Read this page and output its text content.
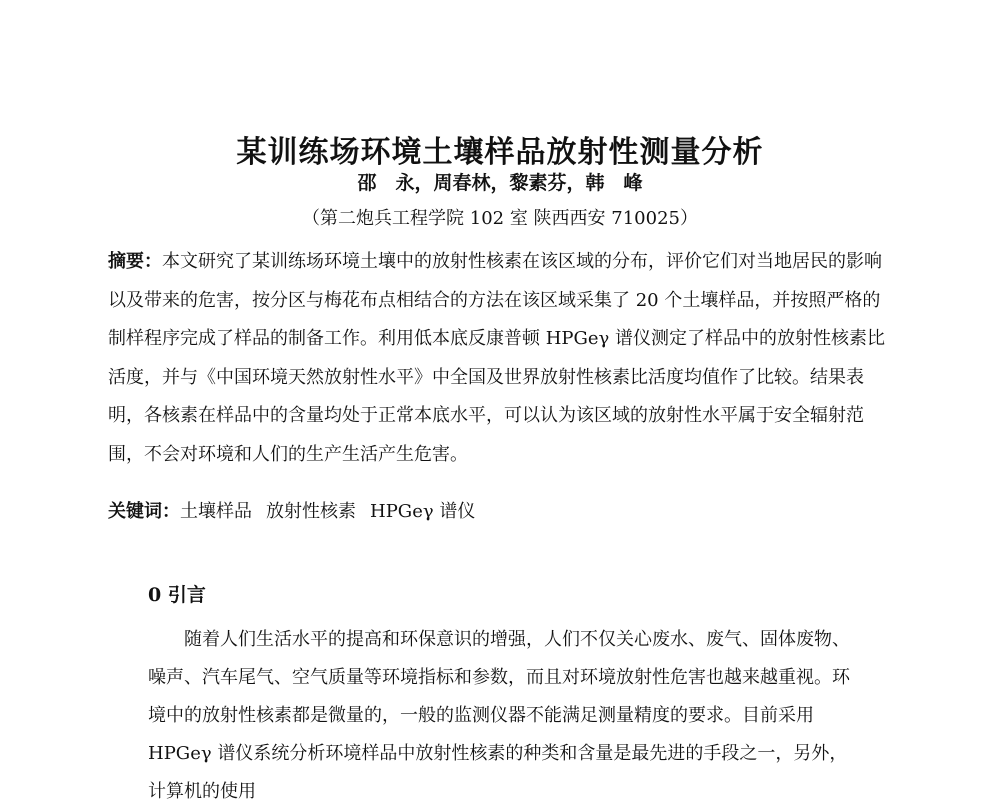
某训练场环境土壤样品放射性测量分析
邵　永，周春林，黎素芬，韩　峰
（第二炮兵工程学院 102 室 陕西西安 710025）

摘要：本文研究了某训练场环境土壤中的放射性核素在该区域的分布，评价它们对当地居民的影响以及带来的危害，按分区与梅花布点相结合的方法在该区域采集了 20 个土壤样品，并按照严格的制样程序完成了样品的制备工作。利用低本底反康普顿 HPGeγ 谱仪测定了样品中的放射性核素比活度，并与《中国环境天然放射性水平》中全国及世界放射性核素比活度均值作了比较。结果表明，各核素在样品中的含量均处于正常本底水平，可以认为该区域的放射性水平属于安全辐射范围，不会对环境和人们的生产生活产生危害。

关键词：土壤样品 放射性核素 HPGeγ 谱仪

0 引言

随着人们生活水平的提高和环保意识的增强，人们不仅关心废水、废气、固体废物、噪声、汽车尾气、空气质量等环境指标和参数，而且对环境放射性危害也越来越重视。环境中的放射性核素都是微量的，一般的监测仪器不能满足测量精度的要求。目前采用 HPGeγ 谱仪系统分析环境样品中放射性核素的种类和含量是最先进的手段之一，另外，计算机的使用
